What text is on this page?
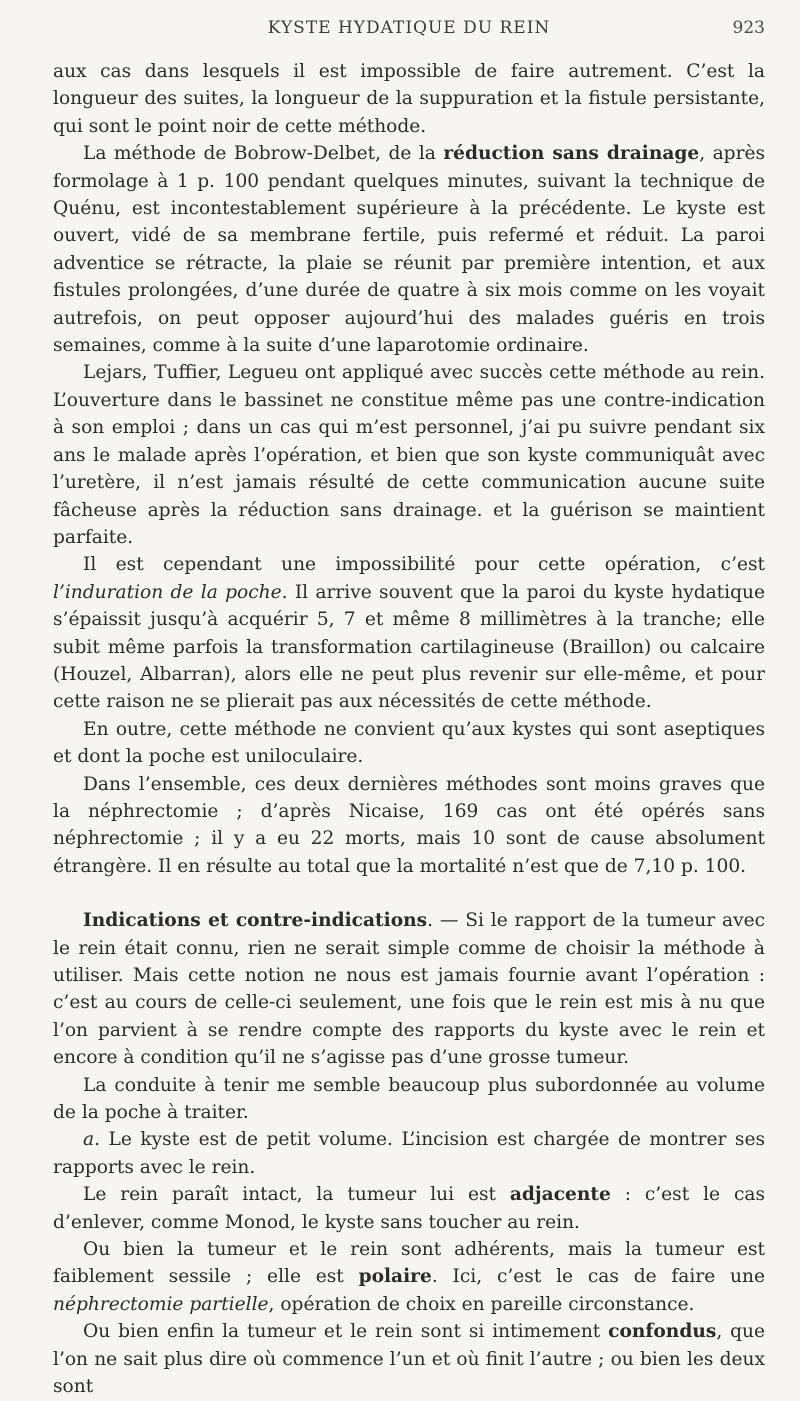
KYSTE HYDATIQUE DU REIN	923

aux cas dans lesquels il est impossible de faire autrement. C’est la longueur des suites, la longueur de la suppuration et la fistule persistante, qui sont le point noir de cette méthode.

La méthode de Bobrow-Delbet, de la réduction sans drainage, après formolage à 1 p. 100 pendant quelques minutes, suivant la technique de Quénu, est incontestablement supérieure à la précédente. Le kyste est ouvert, vidé de sa membrane fertile, puis refermé et réduit. La paroi adventice se rétracte, la plaie se réunit par première intention, et aux fistules prolongées, d’une durée de quatre à six mois comme on les voyait autrefois, on peut opposer aujourd’hui des malades guéris en trois semaines, comme à la suite d’une laparotomie ordinaire.

Lejars, Tuffier, Legueu ont appliqué avec succès cette méthode au rein. L’ouverture dans le bassinet ne constitue même pas une contre-indication à son emploi ; dans un cas qui m’est personnel, j’ai pu suivre pendant six ans le malade après l’opération, et bien que son kyste communiquât avec l’uretère, il n’est jamais résulté de cette communication aucune suite fâcheuse après la réduction sans drainage. et la guérison se maintient parfaite.

Il est cependant une impossibilité pour cette opération, c’est l’induration de la poche. Il arrive souvent que la paroi du kyste hydatique s’épaissit jusqu’à acquérir 5, 7 et même 8 millimètres à la tranche; elle subit même parfois la transformation cartilagineuse (Braillon) ou calcaire (Houzel, Albarran), alors elle ne peut plus revenir sur elle-même, et pour cette raison ne se plierait pas aux nécessités de cette méthode.

En outre, cette méthode ne convient qu’aux kystes qui sont aseptiques et dont la poche est uniloculaire.

Dans l’ensemble, ces deux dernières méthodes sont moins graves que la néphrectomie ; d’après Nicaise, 169 cas ont été opérés sans néphrectomie ; il y a eu 22 morts, mais 10 sont de cause absolument étrangère. Il en résulte au total que la mortalité n’est que de 7,10 p. 100.

Indications et contre-indications. — Si le rapport de la tumeur avec le rein était connu, rien ne serait simple comme de choisir la méthode à utiliser. Mais cette notion ne nous est jamais fournie avant l’opération : c’est au cours de celle-ci seulement, une fois que le rein est mis à nu que l’on parvient à se rendre compte des rapports du kyste avec le rein et encore à condition qu’il ne s’agisse pas d’une grosse tumeur.

La conduite à tenir me semble beaucoup plus subordonnée au volume de la poche à traiter.

a. Le kyste est de petit volume. L’incision est chargée de montrer ses rapports avec le rein.

Le rein paraît intact, la tumeur lui est adjacente : c’est le cas d’enlever, comme Monod, le kyste sans toucher au rein.

Ou bien la tumeur et le rein sont adhérents, mais la tumeur est faiblement sessile ; elle est polaire. Ici, c’est le cas de faire une néphrectomie partielle, opération de choix en pareille circonstance.

Ou bien enfin la tumeur et le rein sont si intimement confondus, que l’on ne sait plus dire où commence l’un et où finit l’autre ; ou bien les deux sont
